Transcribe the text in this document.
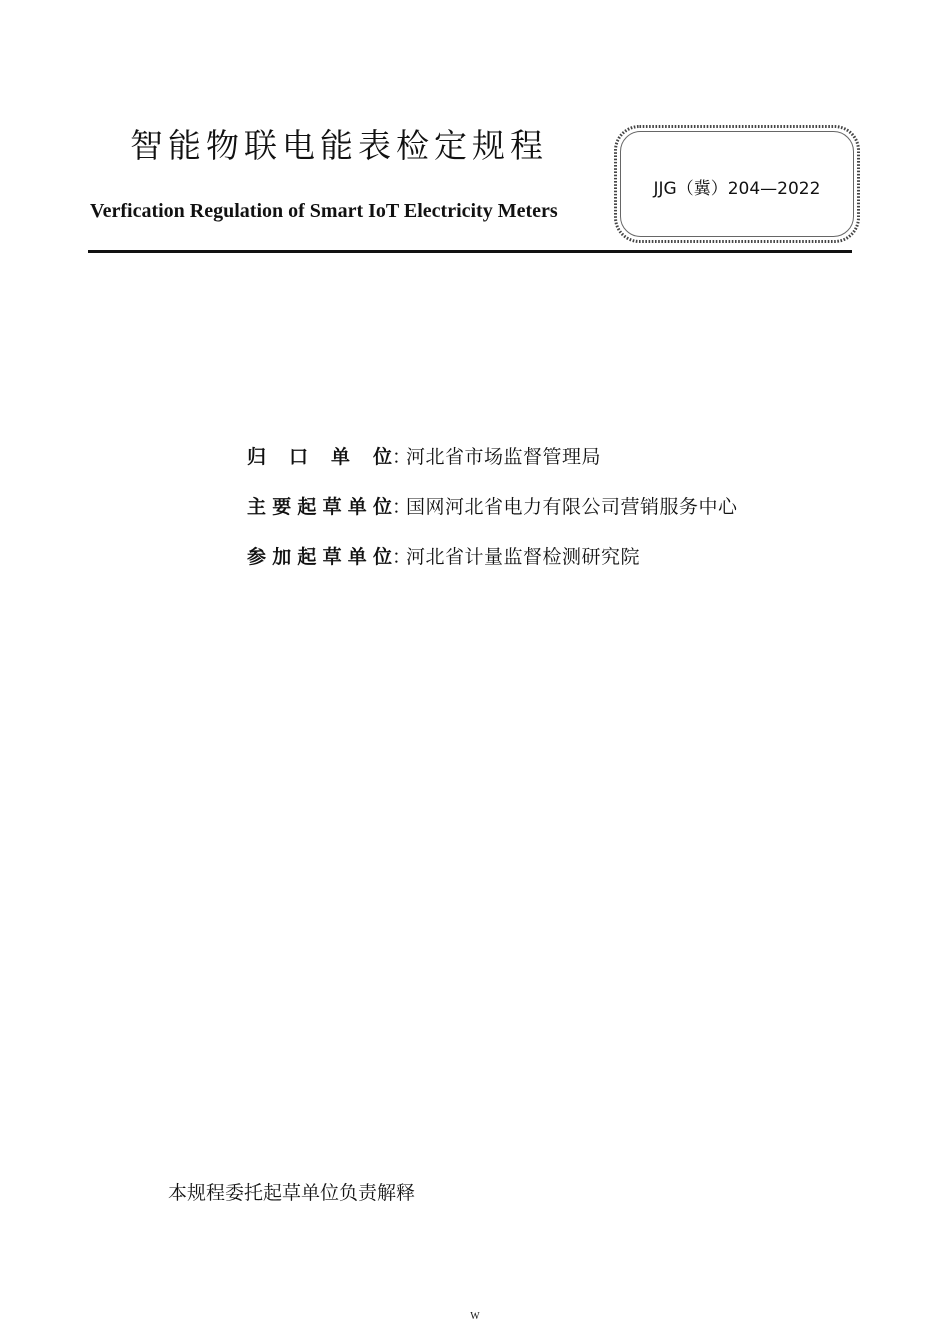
智能物联电能表检定规程

Verfication Regulation of Smart IoT Electricity Meters

JJG（冀）204—2022
归口单位 ：
河北省市场监督管理局
主要起草单位 ：
国网河北省电力有限公司营销服务中心
参加起草单位 ：
河北省计量监督检测研究院

本规程委托起草单位负责解释

W
